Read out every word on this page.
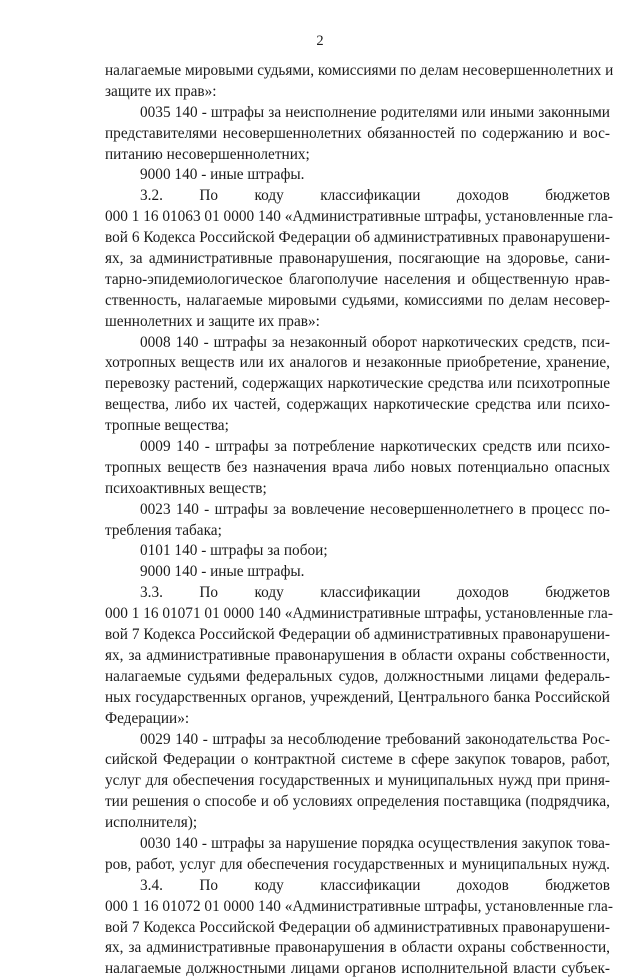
2
налагаемые мировыми судьями, комиссиями по делам несовершеннолетних и
защите их прав»:
0035 140 - штрафы за неисполнение родителями или иными законными
представителями несовершеннолетних обязанностей по содержанию и вос-
питанию несовершеннолетних;
9000 140 - иные штрафы.
3.2. По коду классификации доходов бюджетов
000 1 16 01063 01 0000 140 «Административные штрафы, установленные гла-
вой 6 Кодекса Российской Федерации об административных правонарушени-
ях, за административные правонарушения, посягающие на здоровье, сани-
тарно-эпидемиологическое благополучие населения и общественную нрав-
ственность, налагаемые мировыми судьями, комиссиями по делам несовер-
шеннолетних и защите их прав»:
0008 140 - штрафы за незаконный оборот наркотических средств, пси-
хотропных веществ или их аналогов и незаконные приобретение, хранение,
перевозку растений, содержащих наркотические средства или психотропные
вещества, либо их частей, содержащих наркотические средства или психо-
тропные вещества;
0009 140 - штрафы за потребление наркотических средств или психо-
тропных веществ без назначения врача либо новых потенциально опасных
психоактивных веществ;
0023 140 - штрафы за вовлечение несовершеннолетнего в процесс по-
требления табака;
0101 140 - штрафы за побои;
9000 140 - иные штрафы.
3.3. По коду классификации доходов бюджетов
000 1 16 01071 01 0000 140 «Административные штрафы, установленные гла-
вой 7 Кодекса Российской Федерации об административных правонарушени-
ях, за административные правонарушения в области охраны собственности,
налагаемые судьями федеральных судов, должностными лицами федераль-
ных государственных органов, учреждений, Центрального банка Российской
Федерации»:
0029 140 - штрафы за несоблюдение требований законодательства Рос-
сийской Федерации о контрактной системе в сфере закупок товаров, работ,
услуг для обеспечения государственных и муниципальных нужд при приня-
тии решения о способе и об условиях определения поставщика (подрядчика,
исполнителя);
0030 140 - штрафы за нарушение порядка осуществления закупок това-
ров, работ, услуг для обеспечения государственных и муниципальных нужд.
3.4. По коду классификации доходов бюджетов
000 1 16 01072 01 0000 140 «Административные штрафы, установленные гла-
вой 7 Кодекса Российской Федерации об административных правонарушени-
ях, за административные правонарушения в области охраны собственности,
налагаемые должностными лицами органов исполнительной власти субъек-
